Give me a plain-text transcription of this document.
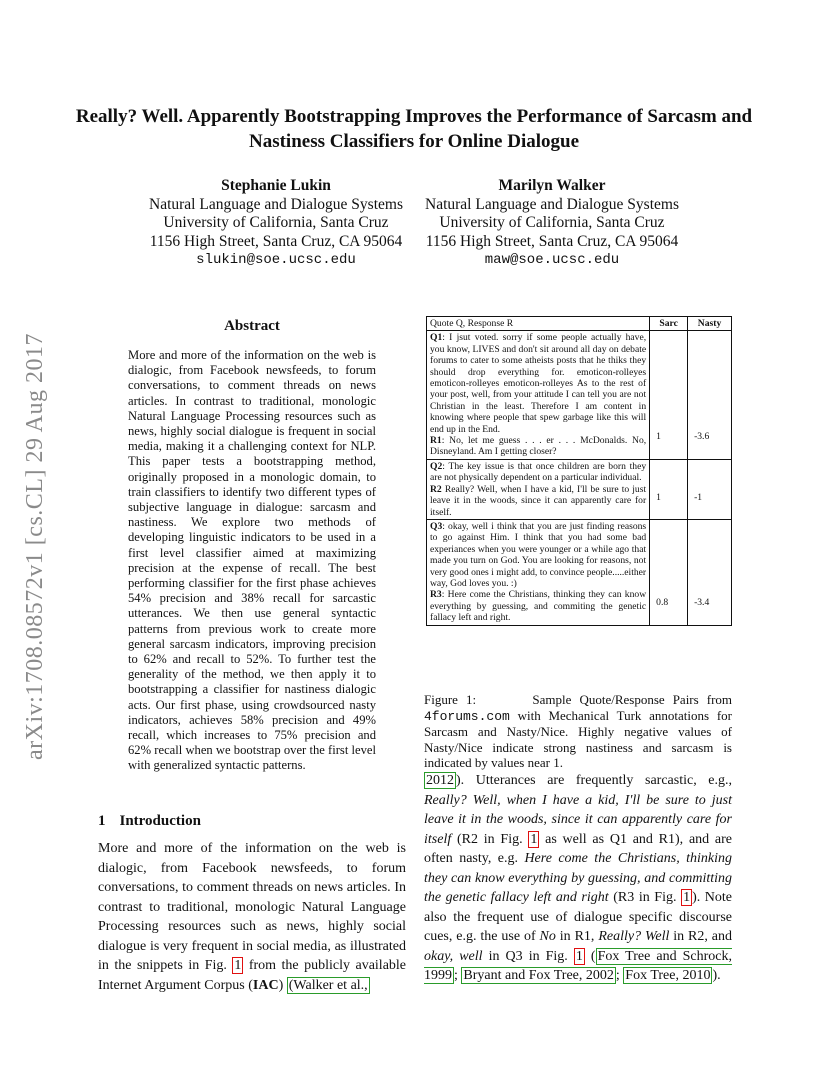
Really? Well. Apparently Bootstrapping Improves the Performance of Sarcasm and Nastiness Classifiers for Online Dialogue
Stephanie Lukin
Natural Language and Dialogue Systems
University of California, Santa Cruz
1156 High Street, Santa Cruz, CA 95064
slukin@soe.ucsc.edu
Marilyn Walker
Natural Language and Dialogue Systems
University of California, Santa Cruz
1156 High Street, Santa Cruz, CA 95064
maw@soe.ucsc.edu
arXiv:1708.08572v1 [cs.CL] 29 Aug 2017
Abstract
More and more of the information on the web is dialogic, from Facebook newsfeeds, to forum conversations, to comment threads on news articles. In contrast to traditional, monologic Natural Language Processing resources such as news, highly social dialogue is frequent in social media, making it a challenging context for NLP. This paper tests a bootstrapping method, originally proposed in a monologic domain, to train classifiers to identify two different types of subjective language in dialogue: sarcasm and nastiness. We explore two methods of developing linguistic indicators to be used in a first level classifier aimed at maximizing precision at the expense of recall. The best performing classifier for the first phase achieves 54% precision and 38% recall for sarcastic utterances. We then use general syntactic patterns from previous work to create more general sarcasm indicators, improving precision to 62% and recall to 52%. To further test the generality of the method, we then apply it to bootstrapping a classifier for nastiness dialogic acts. Our first phase, using crowdsourced nasty indicators, achieves 58% precision and 49% recall, which increases to 75% precision and 62% recall when we bootstrap over the first level with generalized syntactic patterns.
1 Introduction
More and more of the information on the web is dialogic, from Facebook newsfeeds, to forum conversations, to comment threads on news articles. In contrast to traditional, monologic Natural Language Processing resources such as news, highly social dialogue is very frequent in social media, as illustrated in the snippets in Fig. 1 from the publicly available Internet Argument Corpus (IAC) (Walker et al.,
Quote Q, Response R	Sarc	Nasty
Q1: I jsut voted. sorry if some people actually have, you know, LIVES and don't sit around all day on debate forums to cater to some atheists posts that he thiks they should drop everything for. emoticon-rolleyes emoticon-rolleyes emoticon-rolleyes As to the rest of your post, well, from your attitude I can tell you are not Christian in the least. Therefore I am content in knowing where people that spew garbage like this will end up in the End.
R1: No, let me guess . . . er . . . McDonalds. No, Disneyland. Am I getting closer?	1	-3.6
Q2: The key issue is that once children are born they are not physically dependent on a particular individual.
R2 Really? Well, when I have a kid, I'll be sure to just leave it in the woods, since it can apparently care for itself.	1	-1
Q3: okay, well i think that you are just finding reasons to go against Him. I think that you had some bad experiances when you were younger or a while ago that made you turn on God. You are looking for reasons, not very good ones i might add, to convince people.....either way, God loves you. :)
R3: Here come the Christians, thinking they can know everything by guessing, and commiting the genetic fallacy left and right.	0.8	-3.4
Figure 1:	Sample Quote/Response Pairs from 4forums.com with Mechanical Turk annotations for Sarcasm and Nasty/Nice. Highly negative values of Nasty/Nice indicate strong nastiness and sarcasm is indicated by values near 1.
2012 ). Utterances are frequently sarcastic, e.g., Really? Well, when I have a kid, I'll be sure to just leave it in the woods, since it can apparently care for itself (R2 in Fig. 1 as well as Q1 and R1), and are often nasty, e.g. Here come the Christians, thinking they can know everything by guessing, and committing the genetic fallacy left and right (R3 in Fig. 1 ). Note also the frequent use of dialogue specific discourse cues, e.g. the use of No in R1, Really? Well in R2, and okay, well in Q3 in Fig. 1 ( Fox Tree and Schrock, 1999 ; Bryant and Fox Tree, 2002 ; Fox Tree, 2010 ).
